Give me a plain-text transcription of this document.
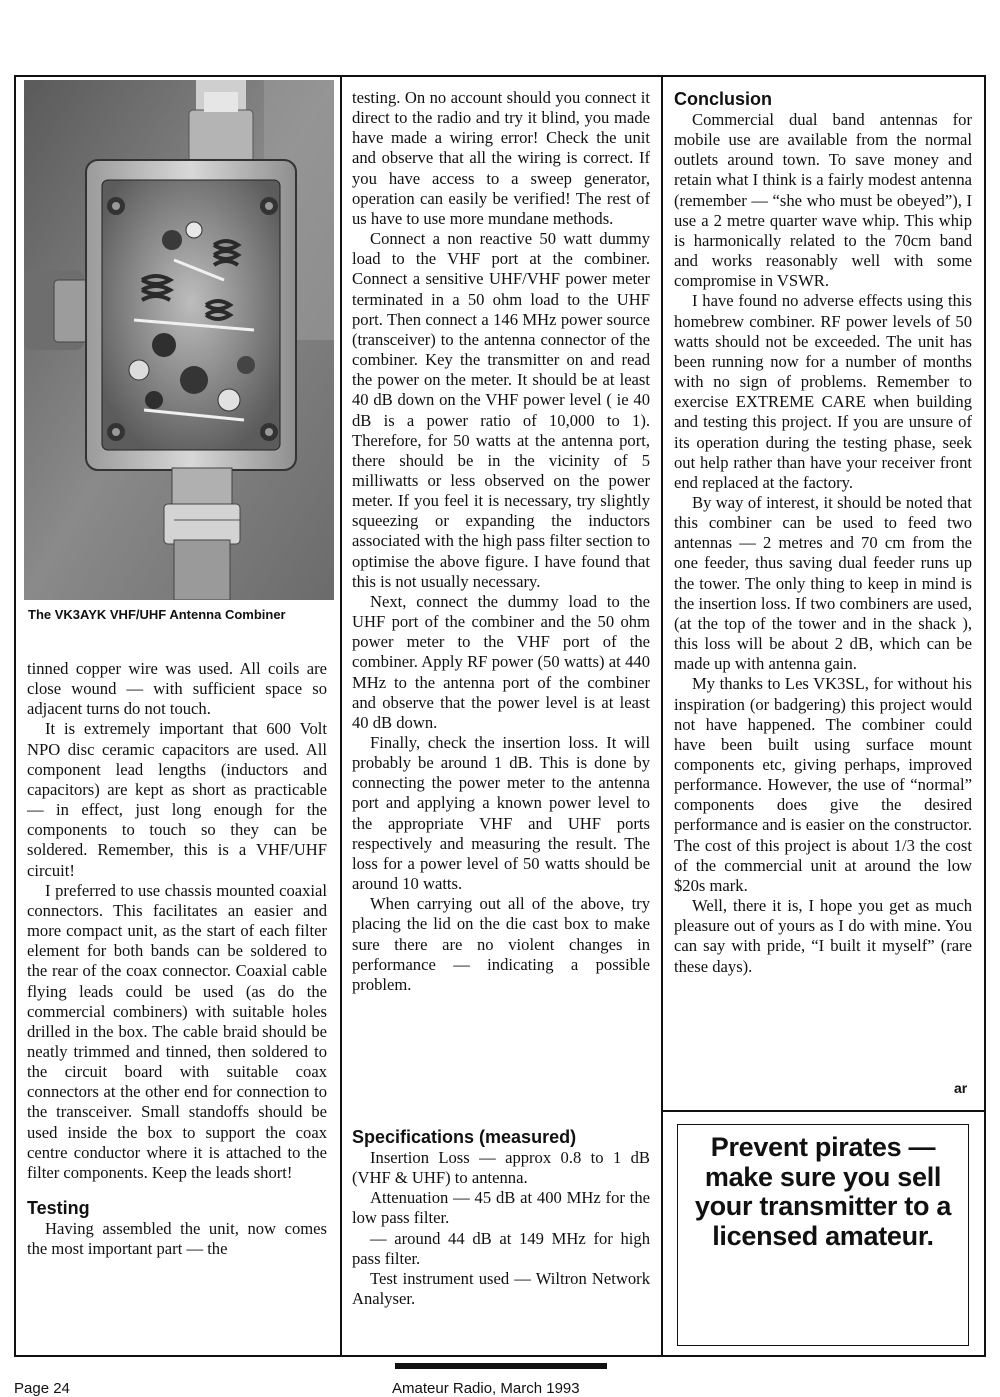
The VK3AYK VHF/UHF Antenna Combiner

tinned copper wire was used. All coils are close wound — with sufficient space so adjacent turns do not touch.

It is extremely important that 600 Volt NPO disc ceramic capacitors are used. All component lead lengths (inductors and capacitors) are kept as short as practicable — in effect, just long enough for the components to touch so they can be soldered. Remember, this is a VHF/UHF circuit!

I preferred to use chassis mounted coaxial connectors. This facilitates an easier and more compact unit, as the start of each filter element for both bands can be soldered to the rear of the coax connector. Coaxial cable flying leads could be used (as do the commercial combiners) with suitable holes drilled in the box. The cable braid should be neatly trimmed and tinned, then soldered to the circuit board with suitable coax connectors at the other end for connection to the transceiver. Small standoffs should be used inside the box to support the coax centre conductor where it is attached to the filter components. Keep the leads short!

Testing

Having assembled the unit, now comes the most important part — the

testing. On no account should you connect it direct to the radio and try it blind, you made have made a wiring error! Check the unit and observe that all the wiring is correct. If you have access to a sweep generator, operation can easily be verified! The rest of us have to use more mundane methods.

Connect a non reactive 50 watt dummy load to the VHF port at the combiner. Connect a sensitive UHF/VHF power meter terminated in a 50 ohm load to the UHF port. Then connect a 146 MHz power source (transceiver) to the antenna connector of the combiner. Key the transmitter on and read the power on the meter. It should be at least 40 dB down on the VHF power level ( ie 40 dB is a power ratio of 10,000 to 1). Therefore, for 50 watts at the antenna port, there should be in the vicinity of 5 milliwatts or less observed on the power meter. If you feel it is necessary, try slightly squeezing or expanding the inductors associated with the high pass filter section to optimise the above figure. I have found that this is not usually necessary.

Next, connect the dummy load to the UHF port of the combiner and the 50 ohm power meter to the VHF port of the combiner. Apply RF power (50 watts) at 440 MHz to the antenna port of the combiner and observe that the power level is at least 40 dB down.

Finally, check the insertion loss. It will probably be around 1 dB. This is done by connecting the power meter to the antenna port and applying a known power level to the appropriate VHF and UHF ports respectively and measuring the result. The loss for a power level of 50 watts should be around 10 watts.

When carrying out all of the above, try placing the lid on the die cast box to make sure there are no violent changes in performance — indicating a possible problem.

Specifications (measured)

Insertion Loss — approx 0.8 to 1 dB (VHF & UHF) to antenna.

Attenuation — 45 dB at 400 MHz for the low pass filter.

— around 44 dB at 149 MHz for high pass filter.

Test instrument used — Wiltron Network Analyser.

Conclusion

Commercial dual band antennas for mobile use are available from the normal outlets around town. To save money and retain what I think is a fairly modest antenna (remember — “she who must be obeyed”), I use a 2 metre quarter wave whip. This whip is harmonically related to the 70cm band and works reasonably well with some compromise in VSWR.

I have found no adverse effects using this homebrew combiner. RF power levels of 50 watts should not be exceeded. The unit has been running now for a number of months with no sign of problems. Remember to exercise EXTREME CARE when building and testing this project. If you are unsure of its operation during the testing phase, seek out help rather than have your receiver front end replaced at the factory.

By way of interest, it should be noted that this combiner can be used to feed two antennas — 2 metres and 70 cm from the one feeder, thus saving dual feeder runs up the tower. The only thing to keep in mind is the insertion loss. If two combiners are used, (at the top of the tower and in the shack ), this loss will be about 2 dB, which can be made up with antenna gain.

My thanks to Les VK3SL, for without his inspiration (or badgering) this project would not have happened. The combiner could have been built using surface mount components etc, giving perhaps, improved performance. However, the use of “normal” components does give the desired performance and is easier on the constructor. The cost of this project is about 1/3 the cost of the commercial unit at around the low $20s mark.

Well, there it is, I hope you get as much pleasure out of yours as I do with mine. You can say with pride, “I built it myself” (rare these days).

ar
Prevent pirates — make sure you sell your transmitter to a licensed amateur.
Page 24	Amateur Radio, March 1993
